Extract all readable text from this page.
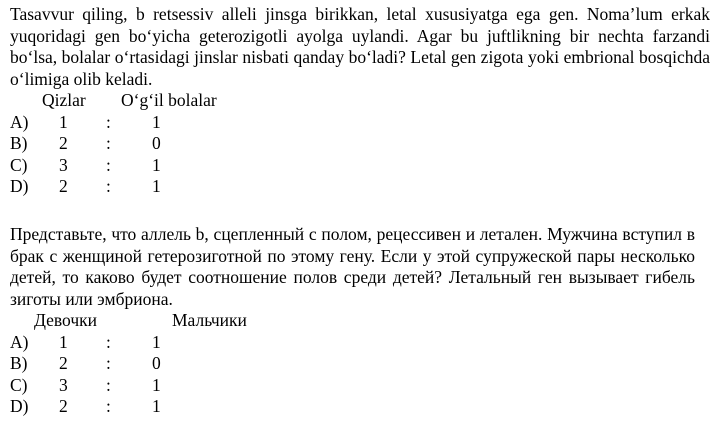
Tasavvur qiling, b retsessiv alleli jinsga birikkan, letal xususiyatga ega gen. Noma’lum erkak yuqoridagi gen bo‘yicha geterozigotli ayolga uylandi. Agar bu juftlikning bir nechta farzandi bo‘lsa, bolalar o‘rtasidagi jinslar nisbati qanday bo‘ladi? Letal gen zigota yoki embrional bosqichda o‘limiga olib keladi.

Qizlar O‘g‘il bolalar
A) 1 : 1
B) 2 : 0
C) 3 : 1
D) 2 : 1

Представьте, что аллель b, сцепленный с полом, рецессивен и летален. Мужчина вступил в брак с женщиной гетерозиготной по этому гену. Если у этой супружеской пары несколько детей, то каково будет соотношение полов среди детей? Летальный ген вызывает гибель зиготы или эмбриона.

Девочки	Мальчики
A) 1 : 1
B) 2 : 0
C) 3 : 1
D) 2 : 1
